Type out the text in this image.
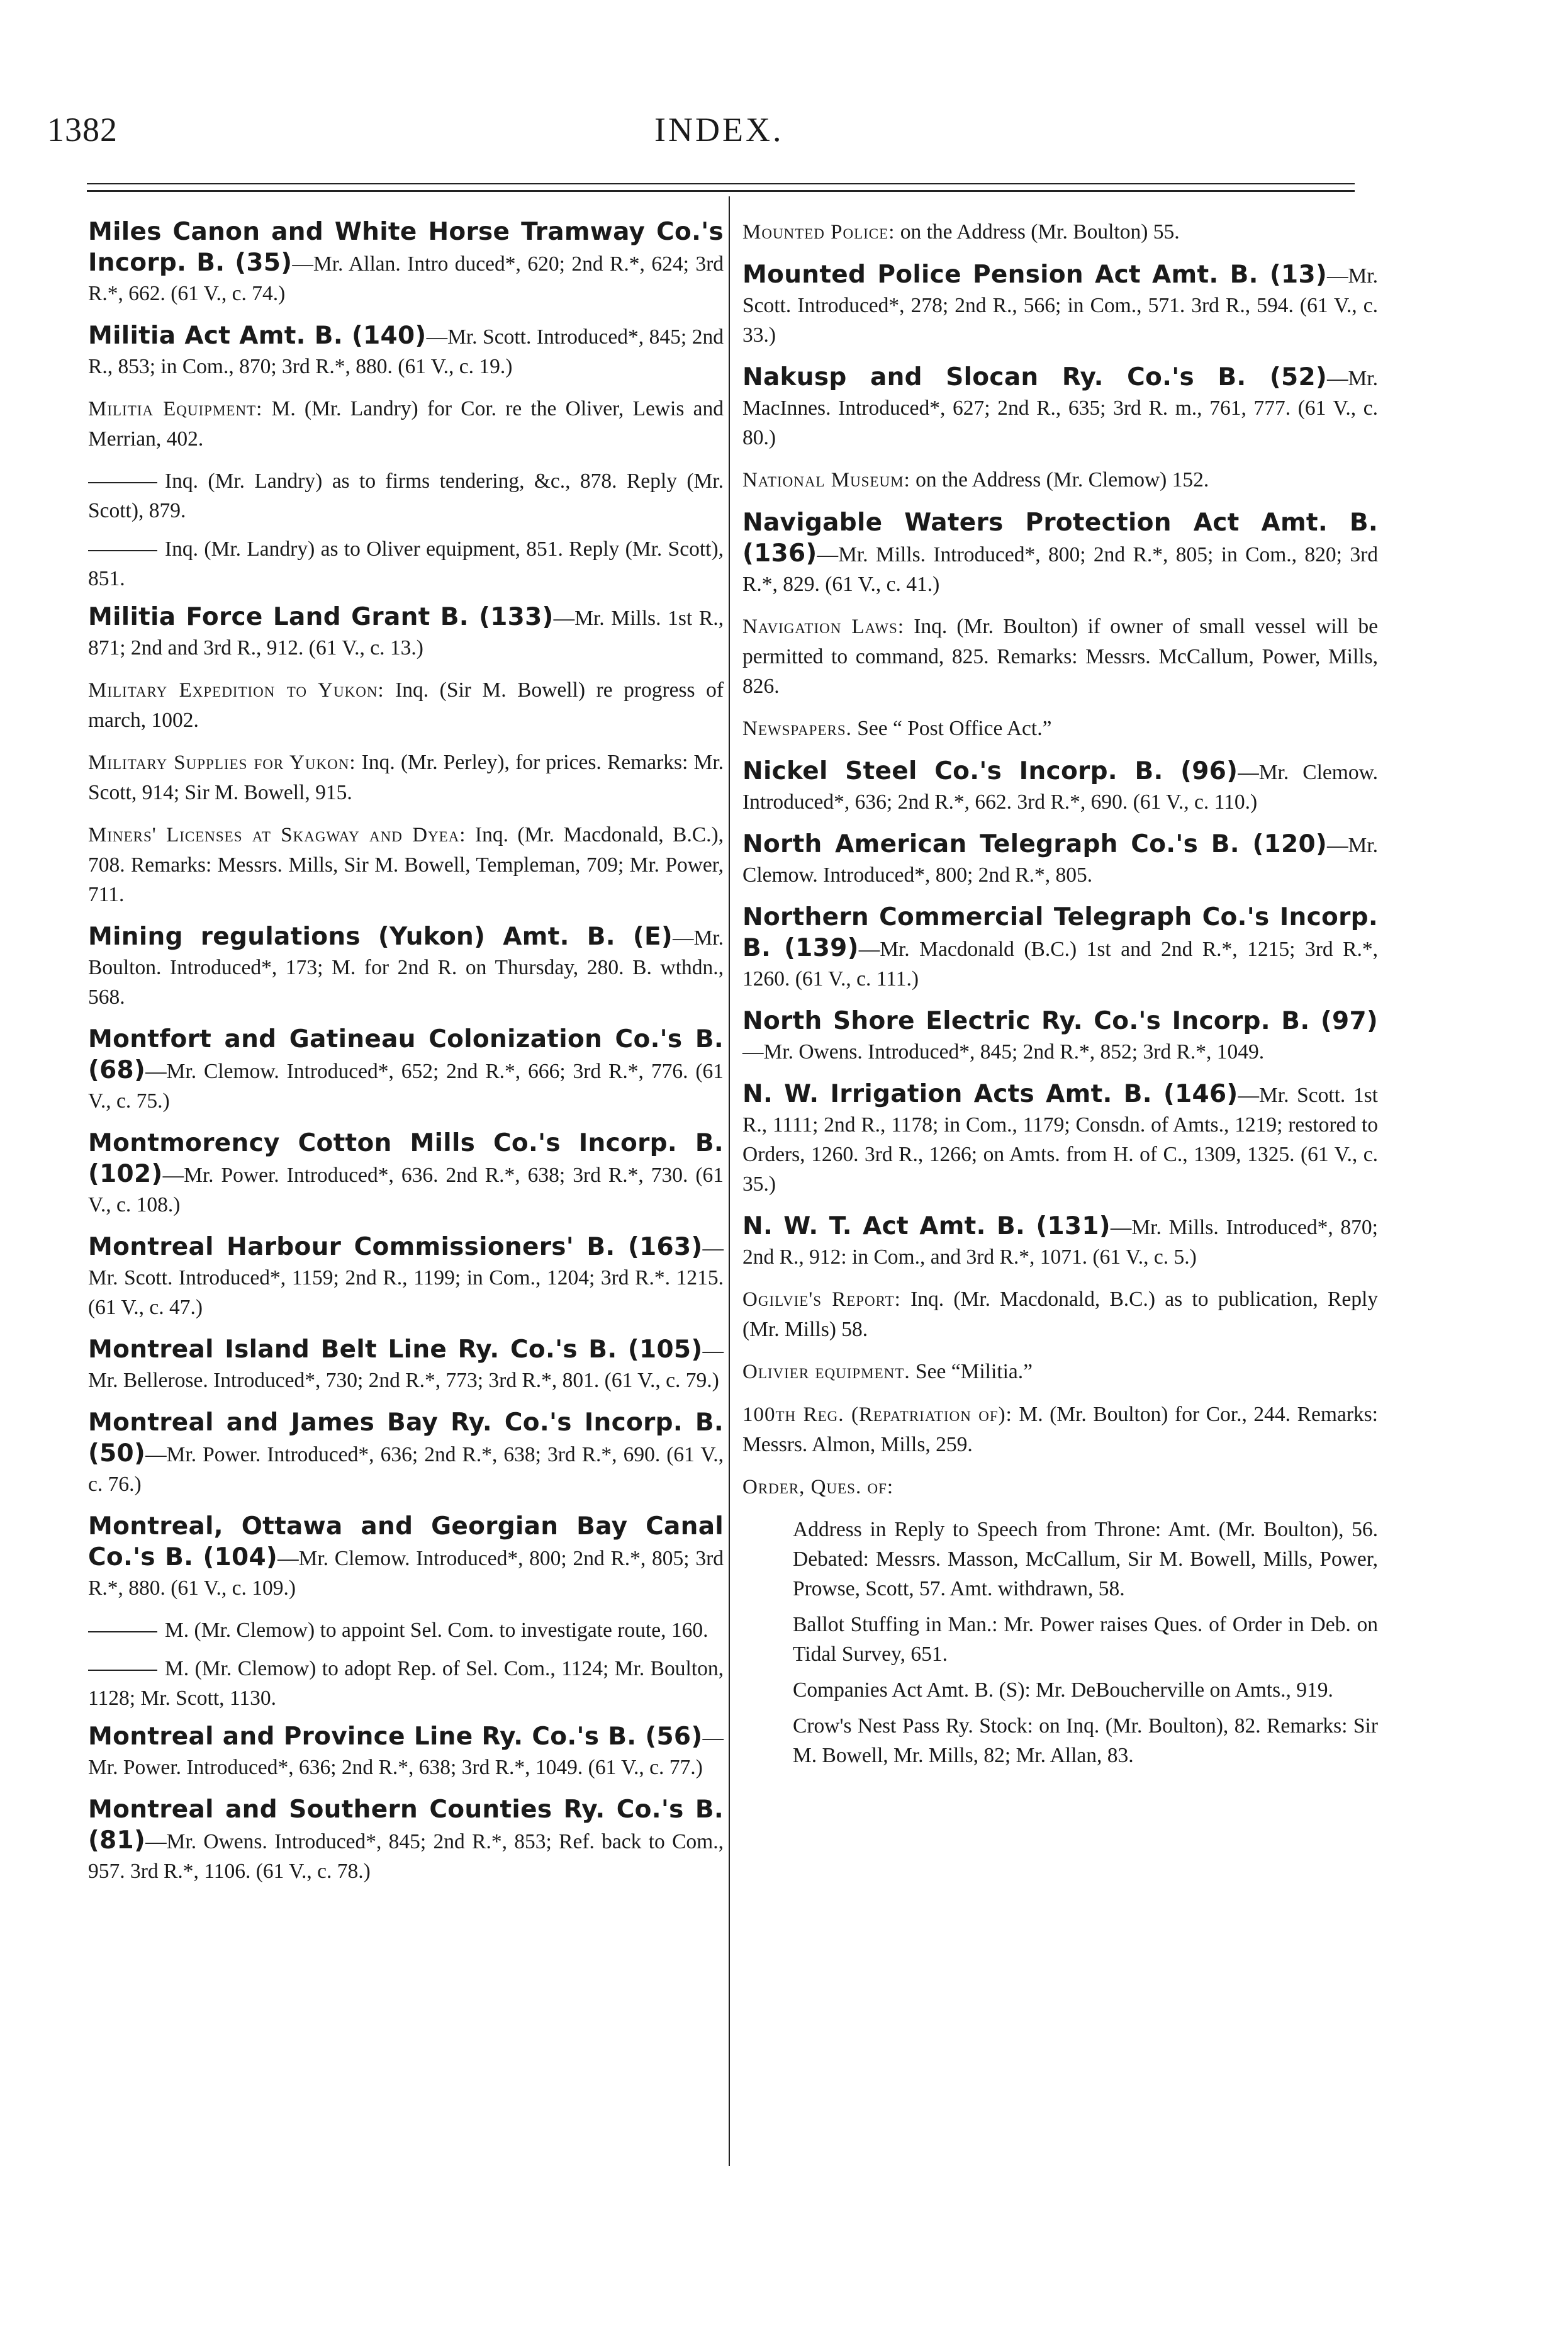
1382	INDEX.

Miles Canon and White Horse Tramway Co.'s Incorp. B. (35)—Mr. Allan. Intro duced*, 620; 2nd R.*, 624; 3rd R.*, 662. (61 V., c. 74.)

Militia Act Amt. B. (140)—Mr. Scott. Introduced*, 845; 2nd R., 853; in Com., 870; 3rd R.*, 880. (61 V., c. 19.)

Militia Equipment: M. (Mr. Landry) for Cor. re the Oliver, Lewis and Merrian, 402.

Inq. (Mr. Landry) as to firms tendering, &c., 878. Reply (Mr. Scott), 879.

Inq. (Mr. Landry) as to Oliver equipment, 851. Reply (Mr. Scott), 851.

Militia Force Land Grant B. (133)—Mr. Mills. 1st R., 871; 2nd and 3rd R., 912. (61 V., c. 13.)

Military Expedition to Yukon: Inq. (Sir M. Bowell) re progress of march, 1002.

Military Supplies for Yukon: Inq. (Mr. Perley), for prices. Remarks: Mr. Scott, 914; Sir M. Bowell, 915.

Miners' Licenses at Skagway and Dyea: Inq. (Mr. Macdonald, B.C.), 708. Remarks: Messrs. Mills, Sir M. Bowell, Templeman, 709; Mr. Power, 711.

Mining regulations (Yukon) Amt. B. (E)—Mr. Boulton. Introduced*, 173; M. for 2nd R. on Thursday, 280. B. wthdn., 568.

Montfort and Gatineau Colonization Co.'s B. (68)—Mr. Clemow. Introduced*, 652; 2nd R.*, 666; 3rd R.*, 776. (61 V., c. 75.)

Montmorency Cotton Mills Co.'s Incorp. B. (102)—Mr. Power. Introduced*, 636. 2nd R.*, 638; 3rd R.*, 730. (61 V., c. 108.)

Montreal Harbour Commissioners' B. (163)—Mr. Scott. Introduced*, 1159; 2nd R., 1199; in Com., 1204; 3rd R.*. 1215. (61 V., c. 47.)

Montreal Island Belt Line Ry. Co.'s B. (105)—Mr. Bellerose. Introduced*, 730; 2nd R.*, 773; 3rd R.*, 801. (61 V., c. 79.)

Montreal and James Bay Ry. Co.'s Incorp. B. (50)—Mr. Power. Introduced*, 636; 2nd R.*, 638; 3rd R.*, 690. (61 V., c. 76.)

Montreal, Ottawa and Georgian Bay Canal Co.'s B. (104)—Mr. Clemow. Introduced*, 800; 2nd R.*, 805; 3rd R.*, 880. (61 V., c. 109.)

M. (Mr. Clemow) to appoint Sel. Com. to investigate route, 160.

M. (Mr. Clemow) to adopt Rep. of Sel. Com., 1124; Mr. Boulton, 1128; Mr. Scott, 1130.

Montreal and Province Line Ry. Co.'s B. (56)—Mr. Power. Introduced*, 636; 2nd R.*, 638; 3rd R.*, 1049. (61 V., c. 77.)

Montreal and Southern Counties Ry. Co.'s B. (81)—Mr. Owens. Introduced*, 845; 2nd R.*, 853; Ref. back to Com., 957. 3rd R.*, 1106. (61 V., c. 78.)

Mounted Police: on the Address (Mr. Boulton) 55.

Mounted Police Pension Act Amt. B. (13)—Mr. Scott. Introduced*, 278; 2nd R., 566; in Com., 571. 3rd R., 594. (61 V., c. 33.)

Nakusp and Slocan Ry. Co.'s B. (52)—Mr. MacInnes. Introduced*, 627; 2nd R., 635; 3rd R. m., 761, 777. (61 V., c. 80.)

National Museum: on the Address (Mr. Clemow) 152.

Navigable Waters Protection Act Amt. B. (136)—Mr. Mills. Introduced*, 800; 2nd R.*, 805; in Com., 820; 3rd R.*, 829. (61 V., c. 41.)

Navigation Laws: Inq. (Mr. Boulton) if owner of small vessel will be permitted to command, 825. Remarks: Messrs. McCallum, Power, Mills, 826.

Newspapers. See “ Post Office Act.”

Nickel Steel Co.'s Incorp. B. (96)—Mr. Clemow. Introduced*, 636; 2nd R.*, 662. 3rd R.*, 690. (61 V., c. 110.)

North American Telegraph Co.'s B. (120)—Mr. Clemow. Introduced*, 800; 2nd R.*, 805.

Northern Commercial Telegraph Co.'s Incorp. B. (139)—Mr. Macdonald (B.C.) 1st and 2nd R.*, 1215; 3rd R.*, 1260. (61 V., c. 111.)

North Shore Electric Ry. Co.'s Incorp. B. (97)—Mr. Owens. Introduced*, 845; 2nd R.*, 852; 3rd R.*, 1049.

N. W. Irrigation Acts Amt. B. (146)—Mr. Scott. 1st R., 1111; 2nd R., 1178; in Com., 1179; Consdn. of Amts., 1219; restored to Orders, 1260. 3rd R., 1266; on Amts. from H. of C., 1309, 1325. (61 V., c. 35.)

N. W. T. Act Amt. B. (131)—Mr. Mills. Introduced*, 870; 2nd R., 912: in Com., and 3rd R.*, 1071. (61 V., c. 5.)

Ogilvie's Report: Inq. (Mr. Macdonald, B.C.) as to publication, Reply (Mr. Mills) 58.

Olivier equipment. See “Militia.”

100th Reg. (Repatriation of): M. (Mr. Boulton) for Cor., 244. Remarks: Messrs. Almon, Mills, 259.

Order, Ques. of:

Address in Reply to Speech from Throne: Amt. (Mr. Boulton), 56. Debated: Messrs. Masson, McCallum, Sir M. Bowell, Mills, Power, Prowse, Scott, 57. Amt. withdrawn, 58.

Ballot Stuffing in Man.: Mr. Power raises Ques. of Order in Deb. on Tidal Survey, 651.

Companies Act Amt. B. (S): Mr. DeBoucherville on Amts., 919.

Crow's Nest Pass Ry. Stock: on Inq. (Mr. Boulton), 82. Remarks: Sir M. Bowell, Mr. Mills, 82; Mr. Allan, 83.
